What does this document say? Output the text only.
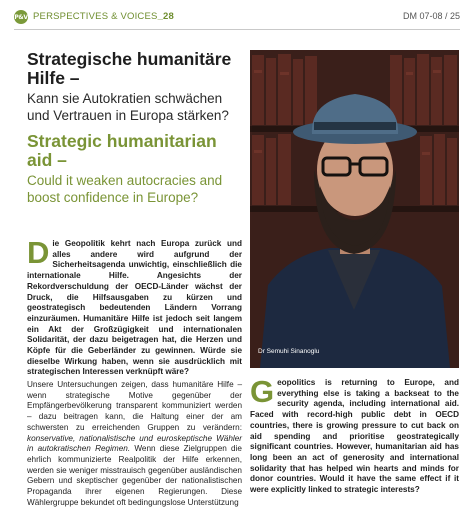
P&V PERSPECTIVES & VOICES_28	DM 07-08 / 25
Strategische humanitäre Hilfe –

Kann sie Autokratien schwächen und Vertrauen in Europa stärken?

Strategic humanitarian aid –

Could it weaken autocracies and boost confidence in Europe?

Dr Semuhi Sinanoglu

Die Geopolitik kehrt nach Europa zurück und alles andere wird aufgrund der Sicherheitsagenda unwichtig, einschließlich die internationale Hilfe. Angesichts der Rekordverschuldung der OECD-Länder wächst der Druck, die Hilfsausgaben zu kürzen und geostrategisch bedeutenden Ländern Vorrang einzuräumen. Humanitäre Hilfe ist jedoch seit langem ein Akt der Großzügigkeit und internationalen Solidarität, der dazu beigetragen hat, die Herzen und Köpfe für die Geberländer zu gewinnen. Würde sie dieselbe Wirkung haben, wenn sie ausdrücklich mit strategischen Interessen verknüpft wäre?

Unsere Untersuchungen zeigen, dass humanitäre Hilfe – wenn strategische Motive gegenüber der Empfängerbevölkerung transparent kommuniziert werden – dazu beitragen kann, die Haltung einer der am schwersten zu erreichenden Gruppen zu verändern: konservative, nationalistische und euroskeptische Wähler in autokratischen Regimen. Wenn diese Zielgruppen die ehrlich kommunizierte Realpolitik der Hilfe erkennen, werden sie weniger misstrauisch gegenüber ausländischen Gebern und skeptischer gegenüber der nationalistischen Propaganda ihrer eigenen Regierungen. Diese Wählergruppe bekundet oft bedingungslose Unterstützung

Geopolitics is returning to Europe, and everything else is taking a backseat to the security agenda, including international aid. Faced with record-high public debt in OECD countries, there is growing pressure to cut back on aid spending and prioritise geostrategically significant countries. However, humanitarian aid has long been an act of generosity and international solidarity that has helped win hearts and minds for donor countries. Would it have the same effect if it were explicitly linked to strategic interests?
